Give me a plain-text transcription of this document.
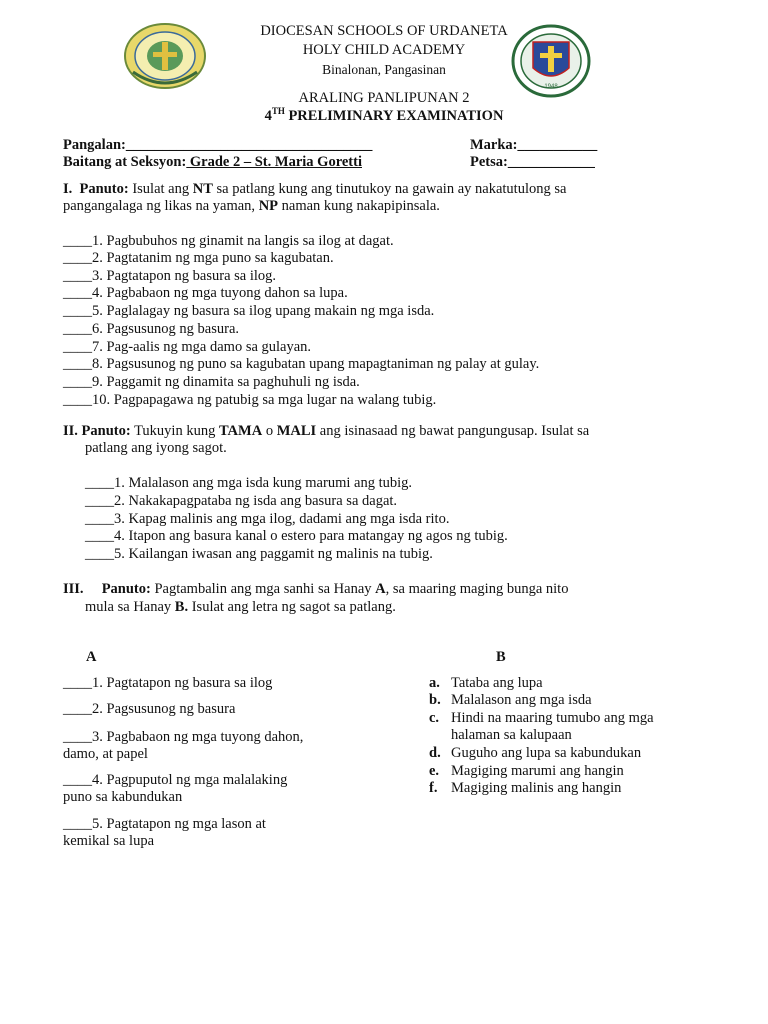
1948
DIOCESAN SCHOOLS OF URDANETA
HOLY CHILD ACADEMY
Binalonan, Pangasinan
ARALING PANLIPUNAN 2
4TH PRELIMINARY EXAMINATION
Pangalan:__________________________________	Marka:___________
Baitang at Seksyon: Grade 2 – St. Maria Goretti	Petsa:____________
I. Panuto: Isulat ang NT sa patlang kung ang tinutukoy na gawain ay nakatutulong sa
pangangalaga ng likas na yaman, NP naman kung nakapipinsala.
____1. Pagbubuhos ng ginamit na langis sa ilog at dagat.
____2. Pagtatanim ng mga puno sa kagubatan.
____3. Pagtatapon ng basura sa ilog.
____4. Pagbabaon ng mga tuyong dahon sa lupa.
____5. Paglalagay ng basura sa ilog upang makain ng mga isda.
____6. Pagsusunog ng basura.
____7. Pag-aalis ng mga damo sa gulayan.
____8. Pagsusunog ng puno sa kagubatan upang mapagtaniman ng palay at gulay.
____9. Paggamit ng dinamita sa paghuhuli ng isda.
____10. Pagpapagawa ng patubig sa mga lugar na walang tubig.
II. Panuto: Tukuyin kung TAMA o MALI ang isinasaad ng bawat pangungusap. Isulat sa
patlang ang iyong sagot.
____1. Malalason ang mga isda kung marumi ang tubig.
____2. Nakakapagpataba ng isda ang basura sa dagat.
____3. Kapag malinis ang mga ilog, dadami ang mga isda rito.
____4. Itapon ang basura kanal o estero para matangay ng agos ng tubig.
____5. Kailangan iwasan ang paggamit ng malinis na tubig.
III. Panuto: Pagtambalin ang mga sanhi sa Hanay A, sa maaring maging bunga nito
mula sa Hanay B. Isulat ang letra ng sagot sa patlang.
A	B
____1. Pagtatapon ng basura sa ilog
____2. Pagsusunog ng basura
____3. Pagbabaon ng mga tuyong dahon,
damo, at papel
____4. Pagpuputol ng mga malalaking
puno sa kabundukan
____5. Pagtatapon ng mga lason at
kemikal sa lupa
a. Tataba ang lupa
b. Malalason ang mga isda
c. Hindi na maaring tumubo ang mga
halaman sa kalupaan
d. Guguho ang lupa sa kabundukan
e. Magiging marumi ang hangin
f. Magiging malinis ang hangin
